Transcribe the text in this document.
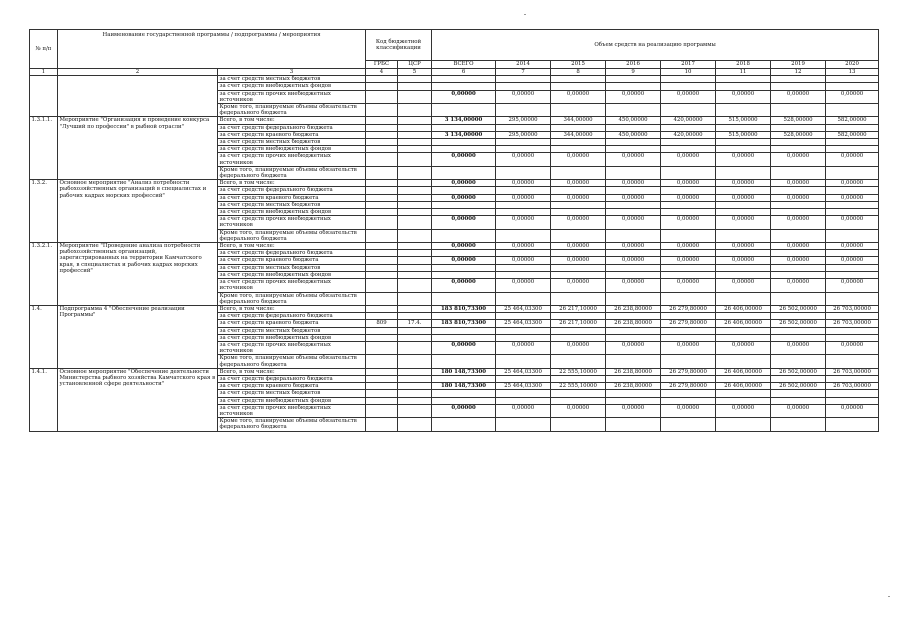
№ п/п	Наименование государственной программы / подпрограммы / мероприятия		Код бюджетной классификации		Объем средств на реализацию программы							
			ГРБС	ЦСР	ВСЕГО	2014	2015	2016	2017	2018	2019	2020
1	2	3	4	5	6	7	8	9	10	11	12	13
		за счет средств местных бюджетов										
		за счет средств внебюджетных фондов										
		за счет средств прочих внебюджетных источников			0,00000	0,00000	0,00000	0,00000	0,00000	0,00000	0,00000	0,00000
		Кроме того, планируемые объемы обязательств федерального бюджета										
1.3.1.1.	Мероприятие "Организация и проведение конкурса "Лучший по профессии" в рыбной отрасли"	Всего, в том числе:			3 134,00000	295,00000	344,00000	450,00000	420,00000	515,00000	528,00000	582,00000
		за счет средств федерального бюджета										
		за счет средств краевого бюджета			3 134,00000	295,00000	344,00000	450,00000	420,00000	515,00000	528,00000	582,00000
		за счет средств местных бюджетов										
		за счет средств внебюджетных фондов										
		за счет средств прочих внебюджетных источников			0,00000	0,00000	0,00000	0,00000	0,00000	0,00000	0,00000	0,00000
		Кроме того, планируемые объемы обязательств федерального бюджета										
1.3.2.	Основное мероприятие "Анализ потребности рыбохозяйственных организаций в специалистах и рабочих кадрах морских профессий"	Всего, в том числе:			0,00000	0,00000	0,00000	0,00000	0,00000	0,00000	0,00000	0,00000
		за счет средств федерального бюджета										
		за счет средств краевого бюджета			0,00000	0,00000	0,00000	0,00000	0,00000	0,00000	0,00000	0,00000
		за счет средств местных бюджетов										
		за счет средств внебюджетных фондов										
		за счет средств прочих внебюджетных источников			0,00000	0,00000	0,00000	0,00000	0,00000	0,00000	0,00000	0,00000
		Кроме того, планируемые объемы обязательств федерального бюджета										
1.3.2.1.	Мероприятие "Проведение анализа потребности рыбохозяйственных организаций, зарегистрированных на территории Камчатского края, в специалистах и рабочих кадрах морских профессий"	Всего, в том числе:			0,00000	0,00000	0,00000	0,00000	0,00000	0,00000	0,00000	0,00000
		за счет средств федерального бюджета										
		за счет средств краевого бюджета			0,00000	0,00000	0,00000	0,00000	0,00000	0,00000	0,00000	0,00000
		за счет средств местных бюджетов										
		за счет средств внебюджетных фондов										
		за счет средств прочих внебюджетных источников			0,00000	0,00000	0,00000	0,00000	0,00000	0,00000	0,00000	0,00000
		Кроме того, планируемые объемы обязательств федерального бюджета										
1.4.	Подпрограмма 4 "Обеспечение реализации Программы"	Всего, в том числе:			183 810,73300	25 464,03300	26 217,10000	26 238,80000	26 279,80000	26 406,00000	26 502,00000	26 703,00000
		за счет средств федерального бюджета										
		за счет средств краевого бюджета	809	17.4.	183 810,73300	25 464,03300	26 217,10000	26 238,80000	26 279,80000	26 406,00000	26 502,00000	26 703,00000
		за счет средств местных бюджетов										
		за счет средств внебюджетных фондов										
		за счет средств прочих внебюджетных источников			0,00000	0,00000	0,00000	0,00000	0,00000	0,00000	0,00000	0,00000
		Кроме того, планируемые объемы обязательств федерального бюджета										
1.4.1.	Основное мероприятие "Обеспечение деятельности Министерства рыбного хозяйства Камчатского края в установленной сфере деятельности"	Всего, в том числе:			180 148,73300	25 464,03300	22 555,10000	26 238,80000	26 279,80000	26 406,00000	26 502,00000	26 703,00000
		за счет средств федерального бюджета										
		за счет средств краевого бюджета			180 148,73300	25 464,03300	22 555,10000	26 238,80000	26 279,80000	26 406,00000	26 502,00000	26 703,00000
		за счет средств местных бюджетов										
		за счет средств внебюджетных фондов										
		за счет средств прочих внебюджетных источников			0,00000	0,00000	0,00000	0,00000	0,00000	0,00000	0,00000	0,00000
		Кроме того, планируемые объемы обязательств федерального бюджета										
